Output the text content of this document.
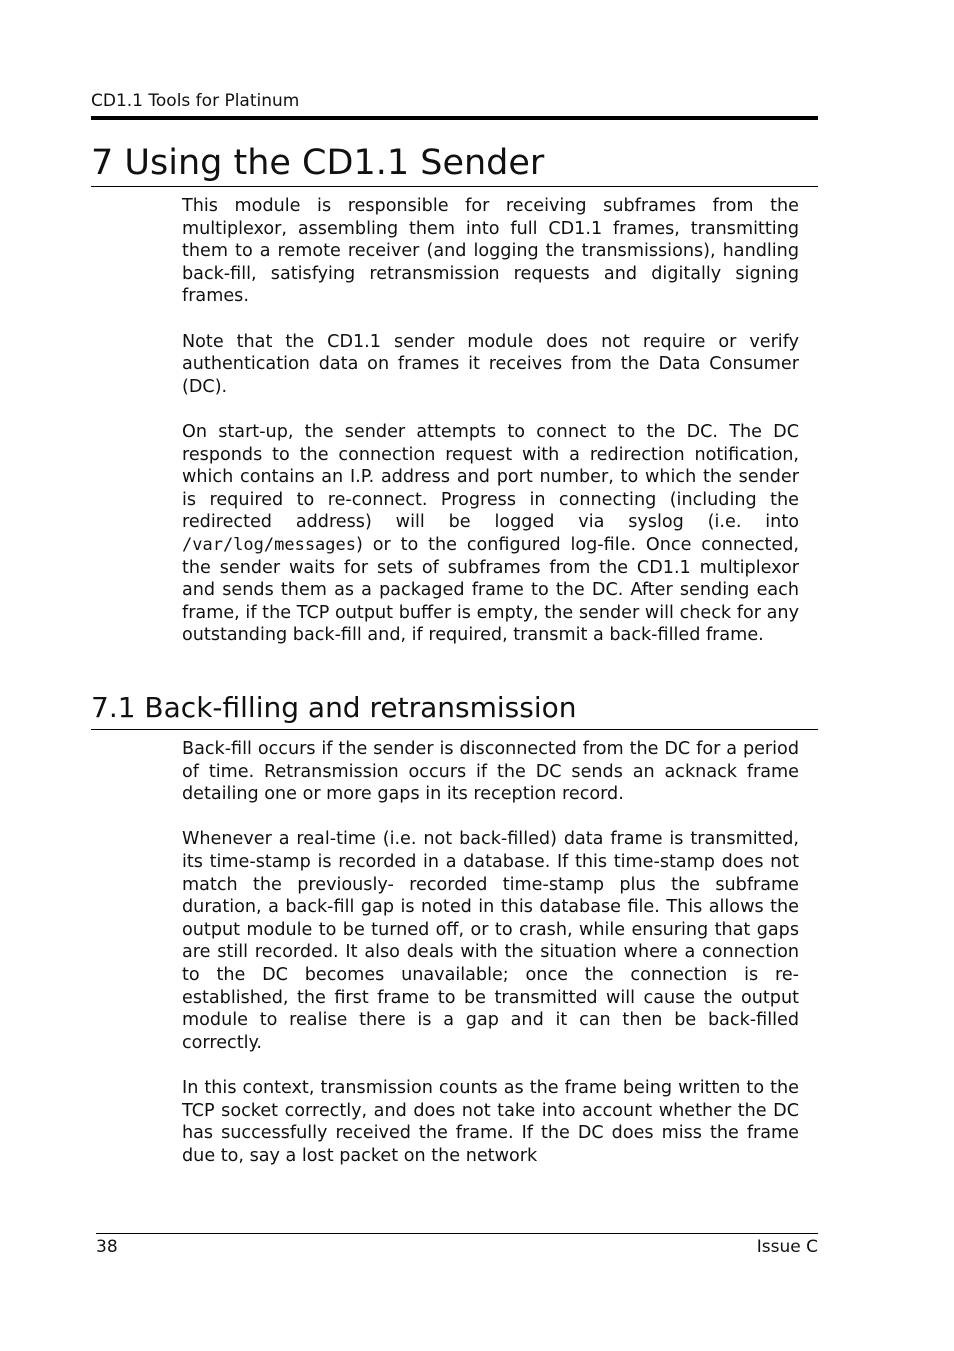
CD1.1 Tools for Platinum
7 Using the CD1.1 Sender

This module is responsible for receiving subframes from the multiplexor, assembling them into full CD1.1 frames, transmitting them to a remote receiver (and logging the transmissions), handling back-fill, satisfying retransmission requests and digitally signing frames.

Note that the CD1.1 sender module does not require or verify authentication data on frames it receives from the Data Consumer (DC).

On start-up, the sender attempts to connect to the DC. The DC responds to the connection request with a redirection notification, which contains an I.P. address and port number, to which the sender is required to re-connect. Progress in connecting (including the redirected address) will be logged via syslog (i.e. into /var/log/messages) or to the configured log-file. Once connected, the sender waits for sets of subframes from the CD1.1 multiplexor and sends them as a packaged frame to the DC. After sending each frame, if the TCP output buffer is empty, the sender will check for any outstanding back-fill and, if required, transmit a back-filled frame.

7.1 Back-filling and retransmission

Back-fill occurs if the sender is disconnected from the DC for a period of time. Retransmission occurs if the DC sends an acknack frame detailing one or more gaps in its reception record.

Whenever a real-time (i.e. not back-filled) data frame is transmitted, its time-stamp is recorded in a database. If this time-stamp does not match the previously- recorded time-stamp plus the subframe duration, a back-fill gap is noted in this database file. This allows the output module to be turned off, or to crash, while ensuring that gaps are still recorded. It also deals with the situation where a connection to the DC becomes unavailable; once the connection is re-established, the first frame to be transmitted will cause the output module to realise there is a gap and it can then be back-filled correctly.

In this context, transmission counts as the frame being written to the TCP socket correctly, and does not take into account whether the DC has successfully received the frame. If the DC does miss the frame due to, say a lost packet on the network

38	Issue C
